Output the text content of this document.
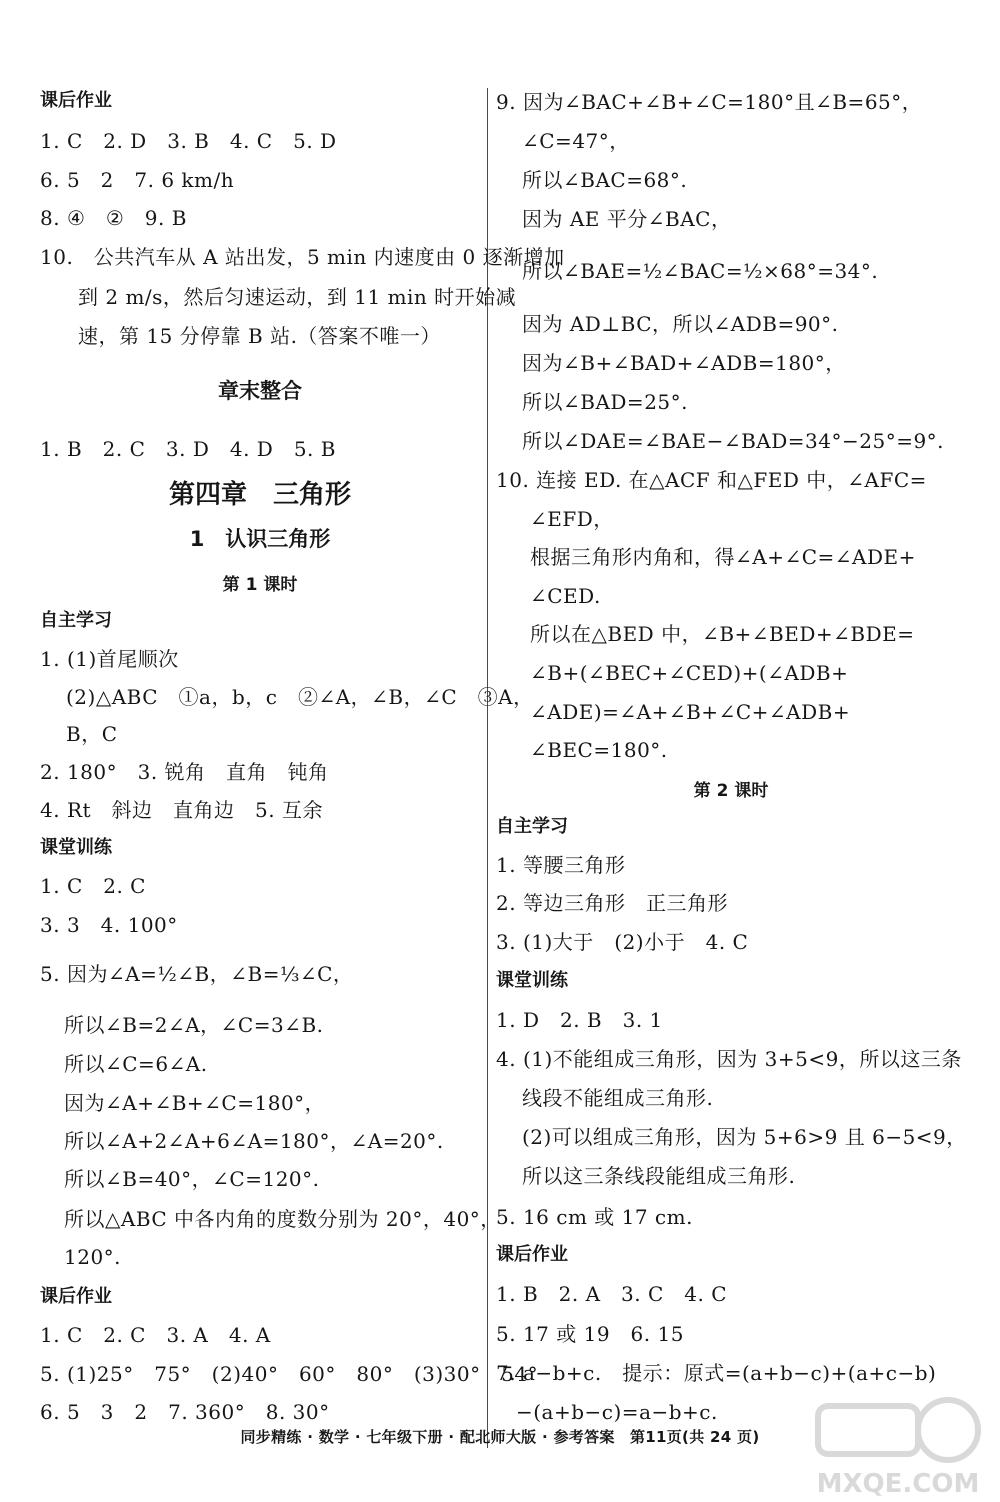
课后作业
1. C　2. D　3. B　4. C　5. D
6. 5　2　7. 6 km/h
8. ④　②　9. B
10.　公共汽车从 A 站出发，5 min 内速度由 0 逐渐增加
到 2 m/s，然后匀速运动，到 11 min 时开始减
速，第 15 分停靠 B 站.（答案不唯一）
章末整合
1. B　2. C　3. D　4. D　5. B
第四章　三角形
1　认识三角形
第 1 课时
自主学习
1. (1)首尾顺次
(2)△ABC　①a，b，c　②∠A，∠B，∠C　③A，
B，C
2. 180°　3. 锐角　直角　钝角
4. Rt　斜边　直角边　5. 互余
课堂训练
1. C　2. C
3. 3　4. 100°
5. 因为∠A=½∠B，∠B=⅓∠C，
所以∠B=2∠A，∠C=3∠B.
所以∠C=6∠A.
因为∠A+∠B+∠C=180°，
所以∠A+2∠A+6∠A=180°，∠A=20°.
所以∠B=40°，∠C=120°.
所以△ABC 中各内角的度数分别为 20°，40°，
120°.
课后作业
1. C　2. C　3. A　4. A
5. (1)25°　75°　(2)40°　60°　80°　(3)30°　54°
6. 5　3　2　7. 360°　8. 30°
9. 因为∠BAC+∠B+∠C=180°且∠B=65°，
∠C=47°，
所以∠BAC=68°.
因为 AE 平分∠BAC，
所以∠BAE=½∠BAC=½×68°=34°.
因为 AD⊥BC，所以∠ADB=90°.
因为∠B+∠BAD+∠ADB=180°，
所以∠BAD=25°.
所以∠DAE=∠BAE−∠BAD=34°−25°=9°.
10. 连接 ED. 在△ACF 和△FED 中，∠AFC=
∠EFD，
根据三角形内角和，得∠A+∠C=∠ADE+
∠CED.
所以在△BED 中，∠B+∠BED+∠BDE=
∠B+(∠BEC+∠CED)+(∠ADB+
∠ADE)=∠A+∠B+∠C+∠ADB+
∠BEC=180°.
第 2 课时
自主学习
1. 等腰三角形
2. 等边三角形　正三角形
3. (1)大于　(2)小于　4. C
课堂训练
1. D　2. B　3. 1
4. (1)不能组成三角形，因为 3+5<9，所以这三条
线段不能组成三角形.
(2)可以组成三角形，因为 5+6>9 且 6−5<9，
所以这三条线段能组成三角形.
5. 16 cm 或 17 cm.
课后作业
1. B　2. A　3. C　4. C
5. 17 或 19　6. 15
7. a−b+c.　提示：原式=(a+b−c)+(a+c−b)
−(a+b−c)=a−b+c.
同步精练 · 数学 · 七年级下册 · 配北师大版 · 参考答案　第11页(共 24 页)
MXQE.COM
